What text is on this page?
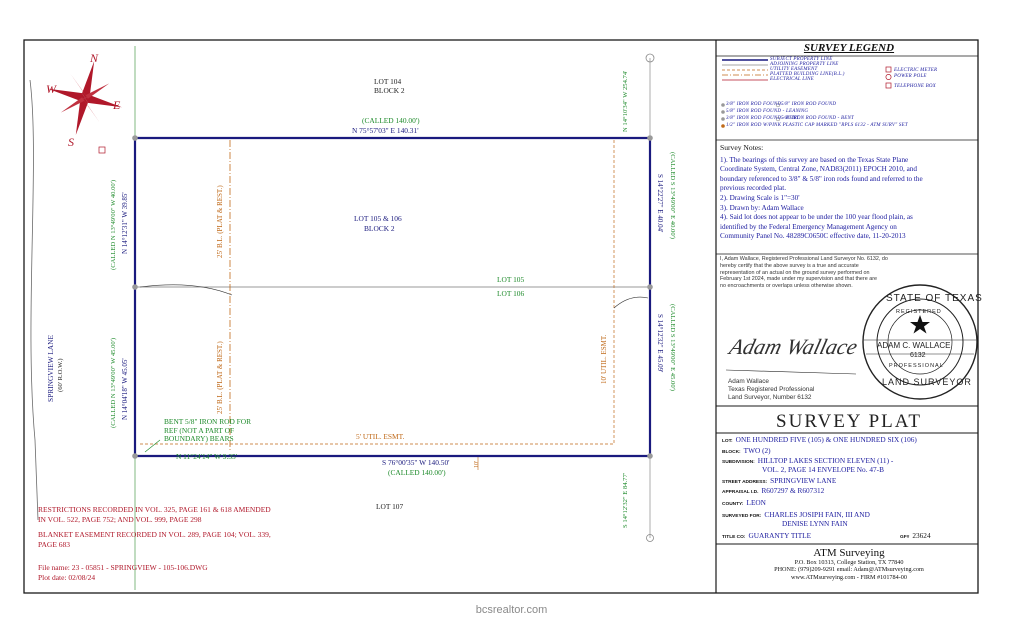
STATE OF TEXAS
REGISTERED
ADAM C. WALLACE
6132
PROFESSIONAL
LAND SURVEYOR
N
S
E
W
SPRINGVIEW LANE (60' R.O.W.)
LOT 104
BLOCK 2
LOT 105 & 106
BLOCK 2
LOT 105
LOT 106
LOT 107
(CALLED 140.00')
N 75°57'03" E 140.31'
S 76°00'35" W 140.50'
(CALLED 140.00')
N 11°24'14" W 9.35'
N 14°12'31" W 39.85'
(CALLED N 13°49'00" W 40.00')
N 14°04'18" W 45.05'
(CALLED N 13°49'00" W 45.00')
S 14°22'27" E 40.04' (CALLED S 13°49'00" E 40.00')
S 14°12'32" E 45.09' (CALLED S 13°49'00" E 45.00')
N 14°10'34" W 254.74'
S 14°12'32" E 84.77'
25' B.L. (PLAT & REST.)
25' B.L. (PLAT & REST.)	10' UTIL. ESMT.
5' UTIL. ESMT.
10'
BENT 5/8" IRON ROD FOR
REF (NOT A PART OF
BOUNDARY) BEARS
RESTRICTIONS RECORDED IN VOL. 325, PAGE 161 & 618 AMENDED
IN VOL. 522, PAGE 752; AND VOL. 999, PAGE 298
BLANKET EASEMENT RECORDED IN VOL. 289, PAGE 104; VOL. 339,
PAGE 683
File name: 23 - 05851 - SPRINGVIEW - 105-106.DWG
Plot date: 02/08/24
SURVEY LEGEND
SUBJECT PROPERTY LINE
ADJOINING PROPERTY LINE
UTILITY EASEMENT
PLATTED BUILDING LINE(B.L.)
ELECTRICAL LINE
ELECTRIC METER
POWER POLE
TELEPHONE BOX
3/8" IRON ROD FOUND 5/8" IRON ROD FOUND
5/8" IRON ROD FOUND - LEANING
3/8" IRON ROD FOUND - BENT
5/8" IRON ROD FOUND - BENT
1/2" IRON ROD W/PINK PLASTIC CAP MARKED "RPLS 6132 - ATM SURV" SET
Survey Notes:
1). The bearings of this survey are based on the Texas State Plane
Coordinate System, Central Zone, NAD83(2011) EPOCH 2010, and
boundary referenced to 3/8" & 5/8" iron rods found and referred to the
previous recorded plat.
2). Drawing Scale is 1"=30'
3). Drawn by: Adam Wallace
4). Said lot does not appear to be under the 100 year flood plain, as
identified by the Federal Emergency Management Agency on
Community Panel No. 48289C0650C effective date, 11-20-2013
I, Adam Wallace, Registered Professional Land Surveyor No. 6132, do
hereby certify that the above survey is a true and accurate
representation of an actual on the ground survey performed on
February 1st 2024, made under my supervision and that there are
no encroachments or overlaps unless otherwise shown.
Adam Wallace
Adam Wallace
Texas Registered Professional
Land Surveyor, Number 6132
SURVEY PLAT
LOT: ONE HUNDRED FIVE (105) & ONE HUNDRED SIX (106)
BLOCK: TWO (2)
SUBDIVISION: HILLTOP LAKES SECTION ELEVEN (11) -
VOL. 2, PAGE 14 ENVELOPE No. 47-B
STREET ADDRESS: SPRINGVIEW LANE
APPRAISAL I.D. R607297 & R607312
COUNTY: LEON
SURVEYED FOR: CHARLES JOSIPH FAIN, III AND
DENISE LYNN FAIN
TITLE CO: GUARANTY TITLE	GF# 23624
ATM Surveying
P.O. Box 10313, College Station, TX 77840
PHONE: (979)209-9291 email: Adam@ATMsurveying.com
www.ATMsurveying.com - FIRM #101784-00
bcsrealtor.com
